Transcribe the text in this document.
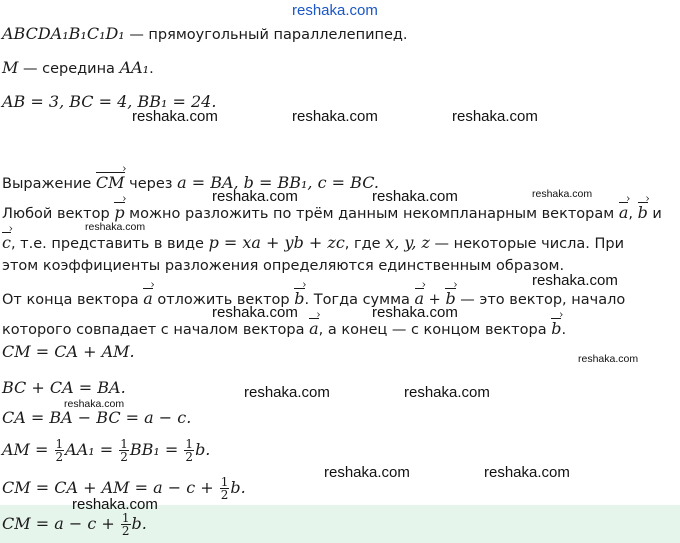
reshaka.com
ABCDA₁B₁C₁D₁ — прямоугольный параллелепипед.
M — середина AA₁.
AB = 3, BC = 4, BB₁ = 24.
Выражение › CM через a = BA, b = BB₁, c = BC.
Любой вектор › p можно разложить по трём данным некомпланарным векторам › a, › b и
› c, т.е. представить в виде p = xa + yb + zc, где x, y, z — некоторые числа. При
этом коэффициенты разложения определяются единственным образом.
От конца вектора › a отложить вектор › b. Тогда сумма › a + › b — это вектор, начало
которого совпадает с началом вектора › a, а конец — с концом вектора › b.
CM = CA + AM.
BC + CA = BA.
CA = BA − BC = a − c.
AM = $\frac{1}{2} AA_1 = \frac{1}{2} BB_1 = \frac{1}{2} b$.
CM = CA + AM = $a - c + \frac{1}{2} b$.
CM = $a - c + \frac{1}{2} b$.
reshaka.com	reshaka.com	reshaka.com
reshaka.com	reshaka.com	reshaka.com
reshaka.com
reshaka.com
reshaka.com	reshaka.com
reshaka.com
reshaka.com	reshaka.com
reshaka.com
reshaka.com	reshaka.com
reshaka.com
